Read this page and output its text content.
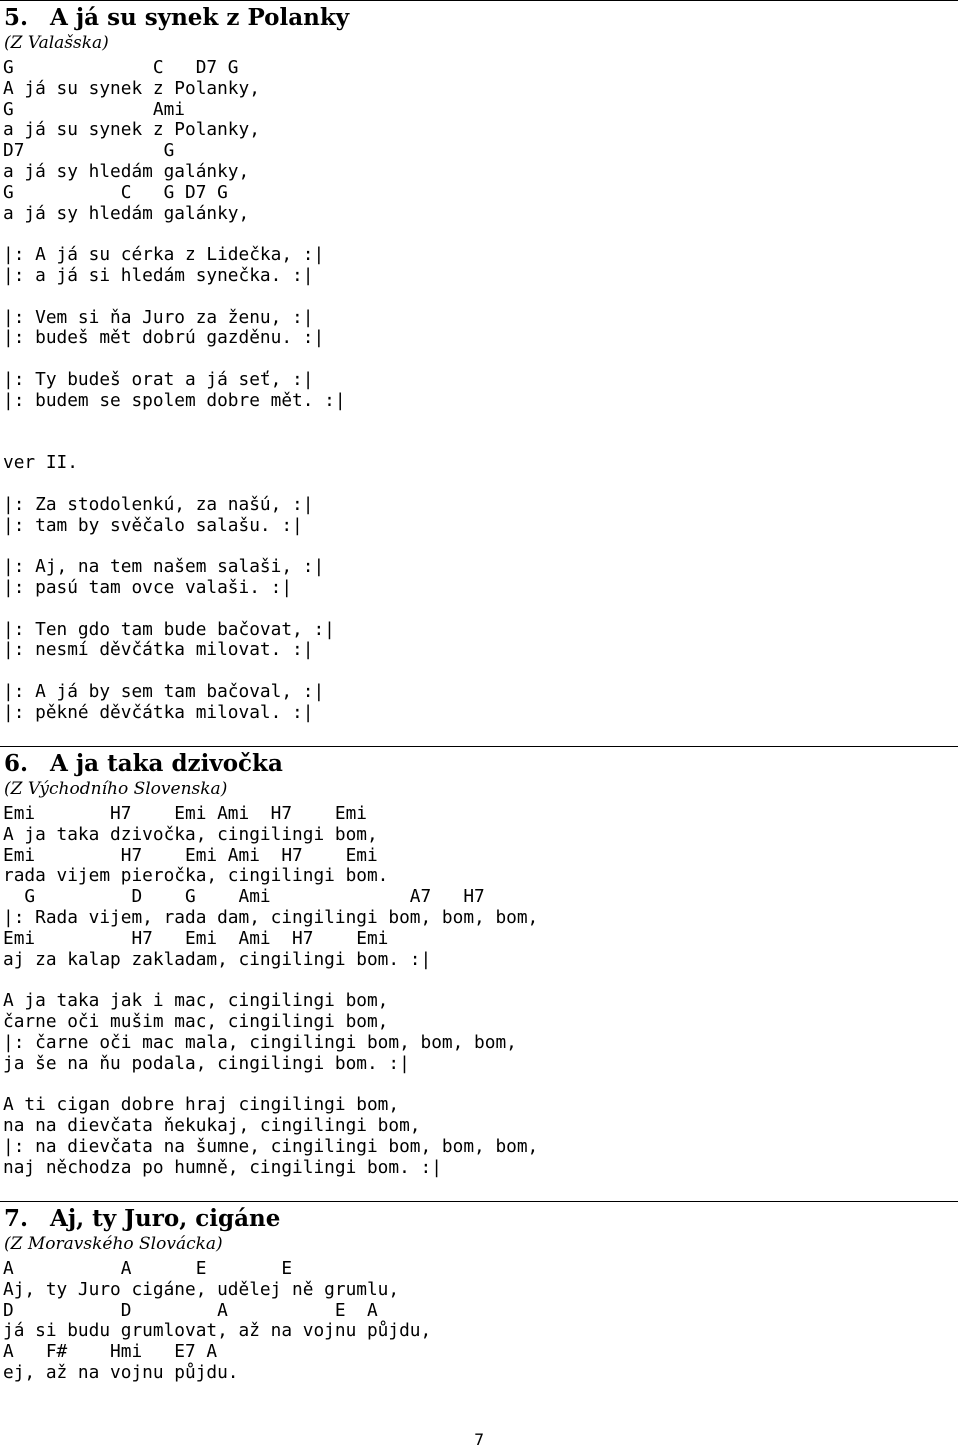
5. A já su synek z Polanky
(Z Valašska)
G             C   D7 G
A já su synek z Polanky,
G             Ami
a já su synek z Polanky,
D7             G
a já sy hledám galánky,
G          C   G D7 G
a já sy hledám galánky,
|: A já su cérka z Lidečka, :|
|: a já si hledám synečka. :|
|: Vem si ňa Juro za ženu, :|
|: budeš mět dobrú gazděnu. :|
|: Ty budeš orat a já seť, :|
|: budem se spolem dobre mět. :|
ver II.
|: Za stodolenkú, za našú, :|
|: tam by svěčalo salašu. :|
|: Aj, na tem našem salaši, :|
|: pasú tam ovce valaši. :|
|: Ten gdo tam bude bačovat, :|
|: nesmí děvčátka milovat. :|
|: A já by sem tam bačoval, :|
|: pěkné děvčátka miloval. :|
6. A ja taka dzivočka
(Z Východního Slovenska)
Emi       H7    Emi Ami  H7    Emi
A ja taka dzivočka, cingilingi bom,
Emi        H7    Emi Ami  H7    Emi
rada vijem pieročka, cingilingi bom.
G         D    G    Ami             A7   H7
|: Rada vijem, rada dam, cingilingi bom, bom, bom,
Emi         H7   Emi  Ami  H7    Emi
aj za kalap zakladam, cingilingi bom. :|
A ja taka jak i mac, cingilingi bom,
čarne oči mušim mac, cingilingi bom,
|: čarne oči mac mala, cingilingi bom, bom, bom,
ja še na ňu podala, cingilingi bom. :|
A ti cigan dobre hraj cingilingi bom,
na na dievčata ňekukaj, cingilingi bom,
|: na dievčata na šumne, cingilingi bom, bom, bom,
naj něchodza po humně, cingilingi bom. :|
7. Aj, ty Juro, cigáne
(Z Moravského Slovácka)
A          A      E       E
Aj, ty Juro cigáne, udělej ně grumlu,
D          D        A          E  A
já si budu grumlovat, až na vojnu půjdu,
A   F#    Hmi   E7 A
ej, až na vojnu půjdu.
7
